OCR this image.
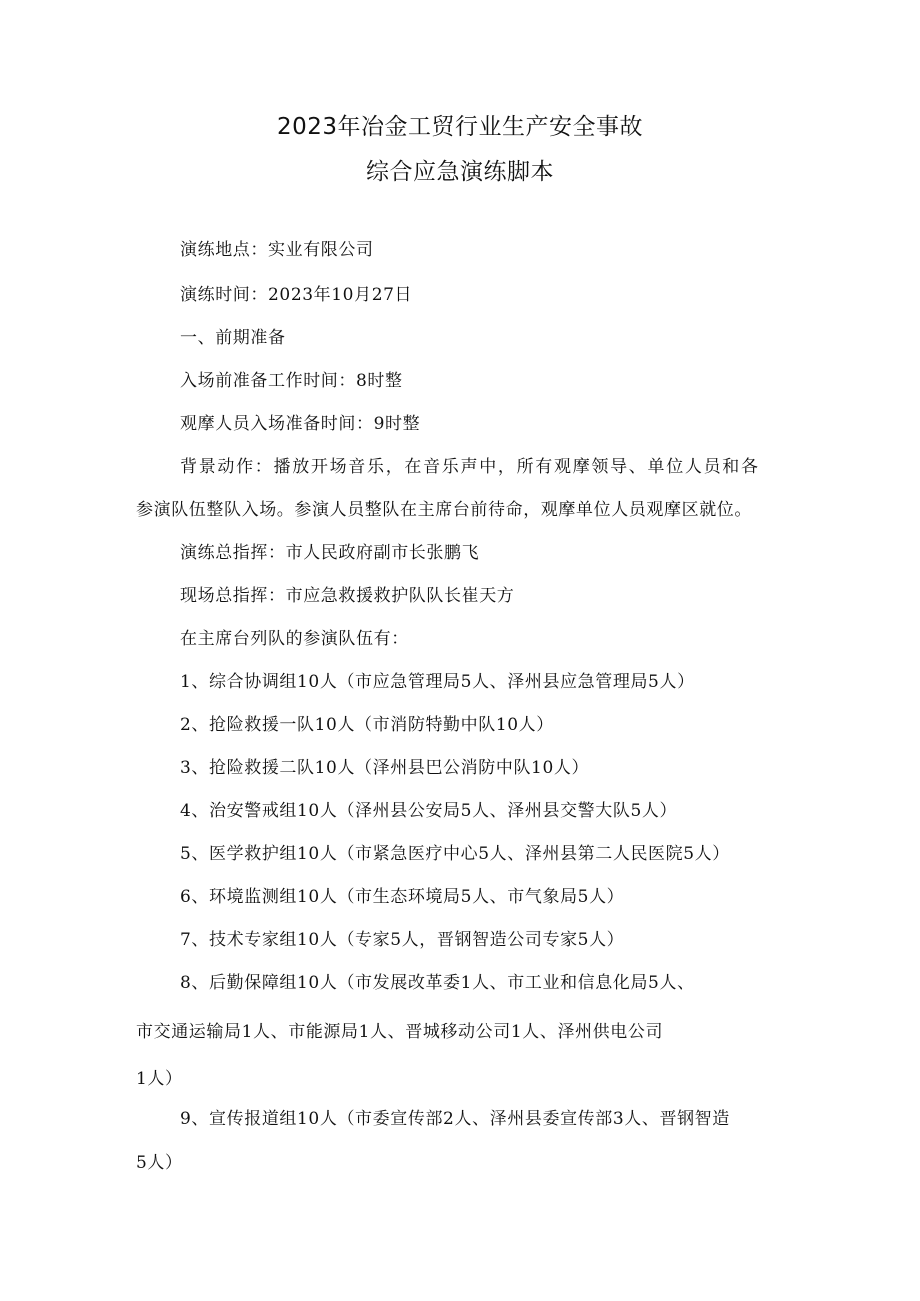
2023年冶金工贸行业生产安全事故
综合应急演练脚本
演练地点：实业有限公司
演练时间：2023年10月27日
一、前期准备
入场前准备工作时间：8时整
观摩人员入场准备时间：9时整
背景动作：播放开场音乐，在音乐声中，所有观摩领导、单位人员和各
参演队伍整队入场。参演人员整队在主席台前待命，观摩单位人员观摩区就位。
演练总指挥：市人民政府副市长张鹏飞
现场总指挥：市应急救援救护队队长崔天方
在主席台列队的参演队伍有：
1、综合协调组10人（市应急管理局5人、泽州县应急管理局5人）
2、抢险救援一队10人（市消防特勤中队10人）
3、抢险救援二队10人（泽州县巴公消防中队10人）
4、治安警戒组10人（泽州县公安局5人、泽州县交警大队5人）
5、医学救护组10人（市紧急医疗中心5人、泽州县第二人民医院5人）
6、环境监测组10人（市生态环境局5人、市气象局5人）
7、技术专家组10人（专家5人，晋钢智造公司专家5人）
8、后勤保障组10人（市发展改革委1人、市工业和信息化局5人、
市交通运输局1人、市能源局1人、晋城移动公司1人、泽州供电公司
1人）
9、宣传报道组10人（市委宣传部2人、泽州县委宣传部3人、晋钢智造
5人）
